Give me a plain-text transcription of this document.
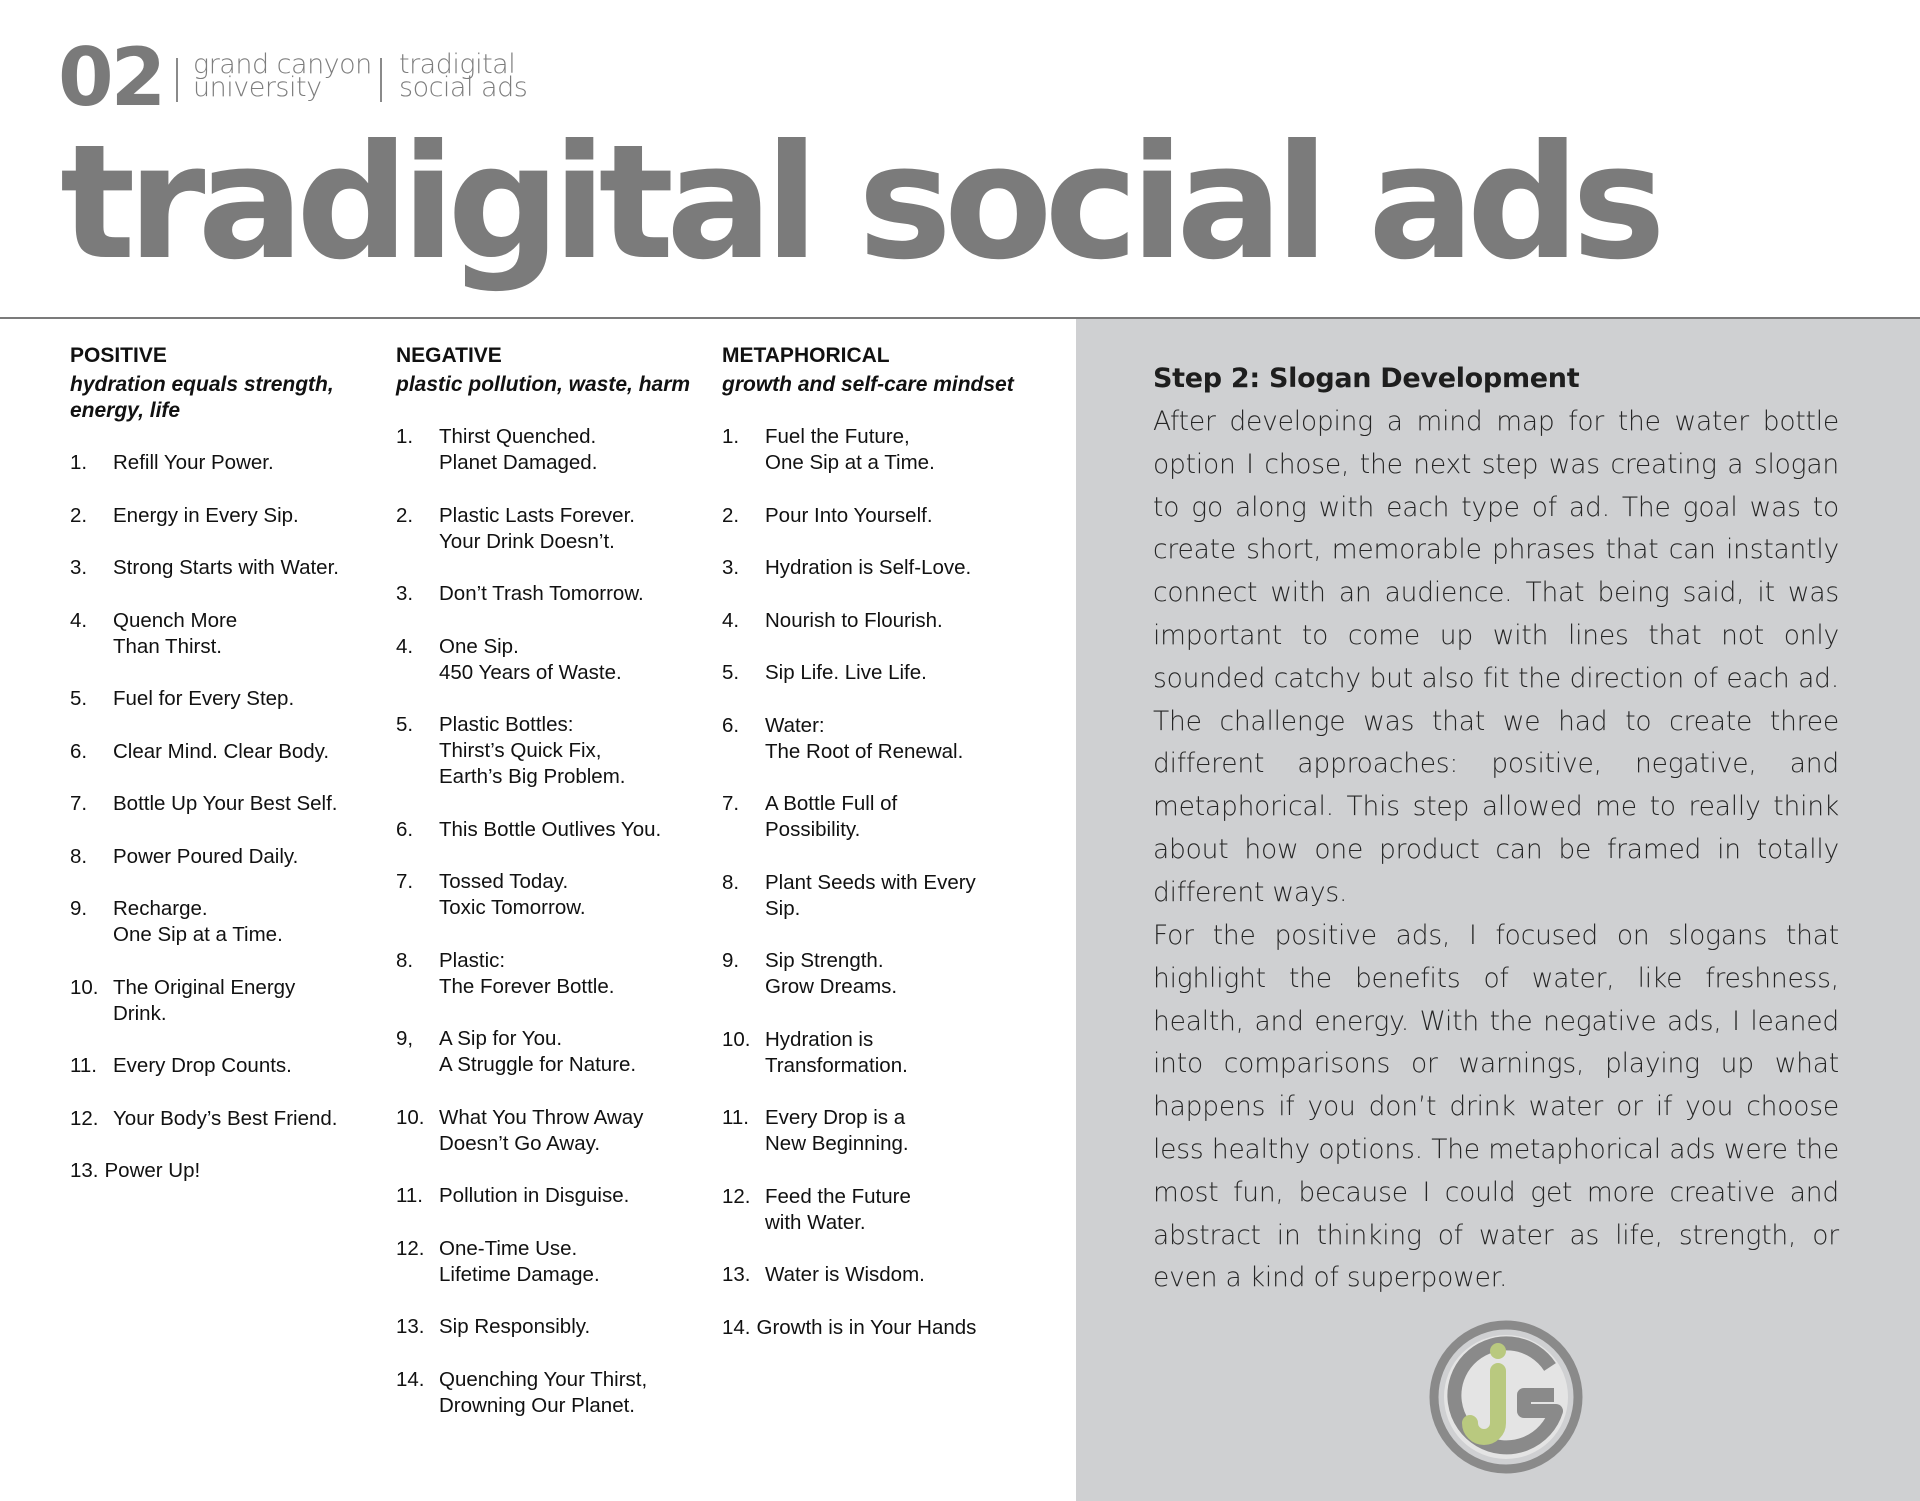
02 grand canyon
university
tradigital
social ads
tradigital social ads
POSITIVE
hydration equals strength, energy, life
1. Refill Your Power.
2. Energy in Every Sip.
3. Strong Starts with Water.
4. Quench More
Than Thirst.
5. Fuel for Every Step.
6. Clear Mind. Clear Body.
7. Bottle Up Your Best Self.
8. Power Poured Daily.
9. Recharge.
One Sip at a Time.
10. The Original Energy
Drink.
11. Every Drop Counts.
12. Your Body’s Best Friend.
13. Power Up!
NEGATIVE
plastic pollution, waste, harm
1. Thirst Quenched.
Planet Damaged.
2. Plastic Lasts Forever.
Your Drink Doesn’t.
3. Don’t Trash Tomorrow.
4. One Sip.
450 Years of Waste.
5. Plastic Bottles:
Thirst’s Quick Fix,
Earth’s Big Problem.
6. This Bottle Outlives You.
7. Tossed Today.
Toxic Tomorrow.
8. Plastic:
The Forever Bottle.
9, A Sip for You.
A Struggle for Nature.
10. What You Throw Away
Doesn’t Go Away.
11. Pollution in Disguise.
12. One-Time Use.
Lifetime Damage.
13. Sip Responsibly.
14. Quenching Your Thirst,
Drowning Our Planet.
METAPHORICAL
growth and self-care mindset
1. Fuel the Future,
One Sip at a Time.
2. Pour Into Yourself.
3. Hydration is Self-Love.
4. Nourish to Flourish.
5. Sip Life. Live Life.
6. Water:
The Root of Renewal.
7. A Bottle Full of
Possibility.
8. Plant Seeds with Every
Sip.
9. Sip Strength.
Grow Dreams.
10. Hydration is
Transformation.
11. Every Drop is a
New Beginning.
12. Feed the Future
with Water.
13. Water is Wisdom.
14. Growth is in Your Hands
Step 2: Slogan Development
After developing a mind map for the water bottle option I chose, the next step was creating a slogan to go along with each type of ad. The goal was to create short, memorable phrases that can instantly connect with an audience. That being said, it was important to come up with lines that not only sounded catchy but also fit the direction of each ad. The challenge was that we had to create three different approaches: positive, negative, and metaphorical. This step allowed me to really think about how one product can be framed in totally different ways.
For the positive ads, I focused on slogans that highlight the benefits of water, like freshness, health, and energy. With the negative ads, I leaned into comparisons or warnings, playing up what happens if you don’t drink water or if you choose less healthy options. The metaphorical ads were the most fun, because I could get more creative and abstract in thinking of water as life, strength, or even a kind of superpower.
